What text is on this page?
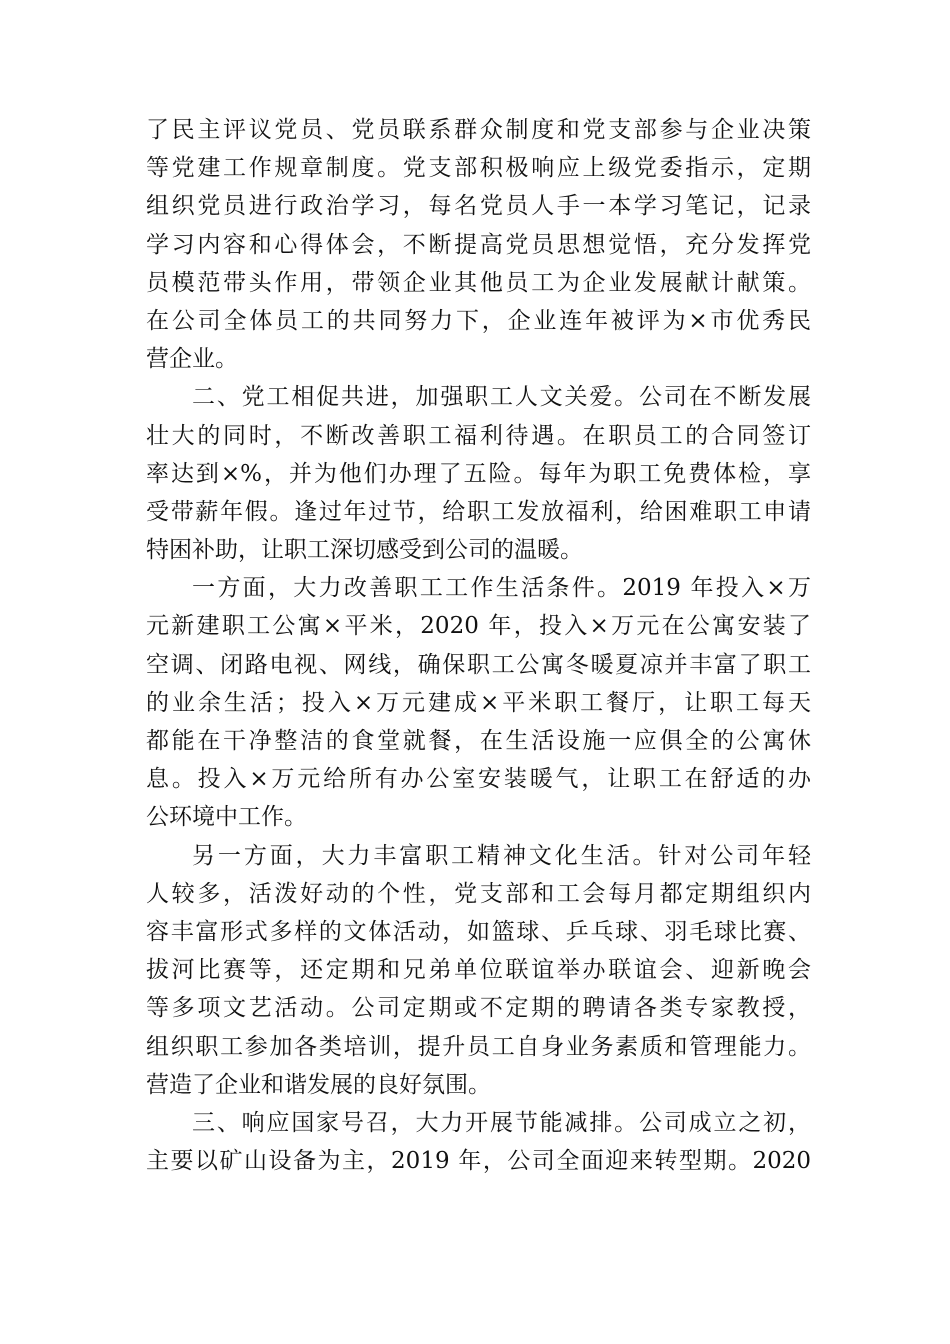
了民主评议党员、党员联系群众制度和党支部参与企业决策
等党建工作规章制度。党支部积极响应上级党委指示，定期
组织党员进行政治学习，每名党员人手一本学习笔记，记录
学习内容和心得体会，不断提高党员思想觉悟，充分发挥党
员模范带头作用，带领企业其他员工为企业发展献计献策。
在公司全体员工的共同努力下，企业连年被评为×市优秀民
营企业。
二、党工相促共进，加强职工人文关爱。公司在不断发展
壮大的同时，不断改善职工福利待遇。在职员工的合同签订
率达到×%，并为他们办理了五险。每年为职工免费体检，享
受带薪年假。逢过年过节，给职工发放福利，给困难职工申请
特困补助，让职工深切感受到公司的温暖。
一方面，大力改善职工工作生活条件。2019 年投入×万
元新建职工公寓×平米，2020 年，投入×万元在公寓安装了
空调、闭路电视、网线，确保职工公寓冬暖夏凉并丰富了职工
的业余生活；投入×万元建成×平米职工餐厅，让职工每天
都能在干净整洁的食堂就餐，在生活设施一应俱全的公寓休
息。投入×万元给所有办公室安装暖气，让职工在舒适的办
公环境中工作。
另一方面，大力丰富职工精神文化生活。针对公司年轻
人较多，活泼好动的个性，党支部和工会每月都定期组织内
容丰富形式多样的文体活动，如篮球、乒乓球、羽毛球比赛、
拔河比赛等，还定期和兄弟单位联谊举办联谊会、迎新晚会
等多项文艺活动。公司定期或不定期的聘请各类专家教授，
组织职工参加各类培训，提升员工自身业务素质和管理能力。
营造了企业和谐发展的良好氛围。
三、响应国家号召，大力开展节能减排。公司成立之初，
主要以矿山设备为主，2019 年，公司全面迎来转型期。2020
